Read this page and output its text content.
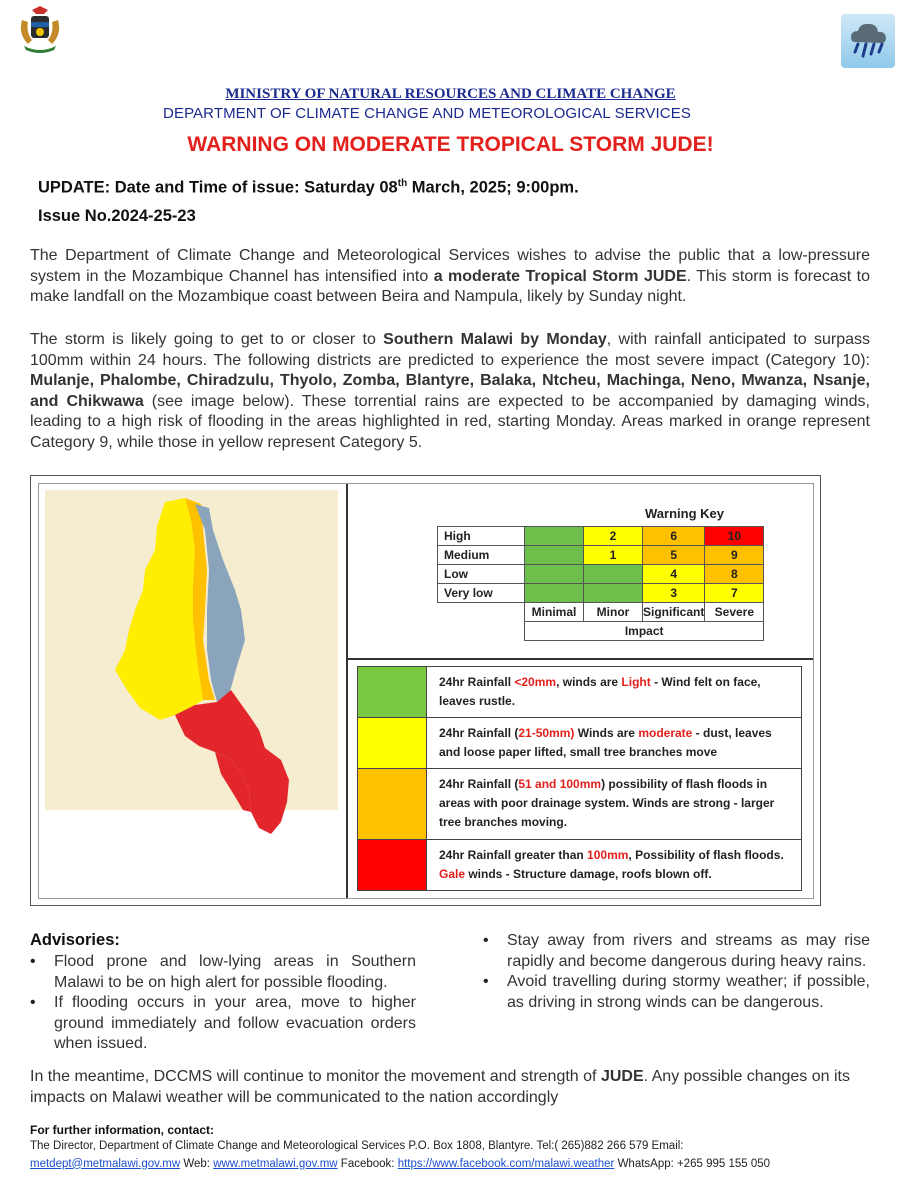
MINISTRY OF NATURAL RESOURCES AND CLIMATE CHANGE
DEPARTMENT OF CLIMATE CHANGE AND METEOROLOGICAL SERVICES
WARNING ON MODERATE TROPICAL STORM JUDE!
UPDATE: Date and Time of issue: Saturday 08th March, 2025; 9:00pm.
Issue No.2024-25-23
The Department of Climate Change and Meteorological Services wishes to advise the public that a low-pressure system in the Mozambique Channel has intensified into a moderate Tropical Storm JUDE. This storm is forecast to make landfall on the Mozambique coast between Beira and Nampula, likely by Sunday night.
The storm is likely going to get to or closer to Southern Malawi by Monday, with rainfall anticipated to surpass 100mm within 24 hours. The following districts are predicted to experience the most severe impact (Category 10): Mulanje, Phalombe, Chiradzulu, Thyolo, Zomba, Blantyre, Balaka, Ntcheu, Machinga, Neno, Mwanza, Nsanje, and Chikwawa (see image below). These torrential rains are expected to be accompanied by damaging winds, leading to a high risk of flooding in the areas highlighted in red, starting Monday. Areas marked in orange represent Category 9, while those in yellow represent Category 5.
Warning Key
	High		2	6	10
	Medium		1	5	9
	Low			4	8
	Very low			3	7
		Minimal	Minor	Significant	Severe
		Impact			
24hr Rainfall <20mm, winds are Light - Wind felt on face, leaves rustle.
24hr Rainfall (21-50mm) Winds are moderate - dust, leaves and loose paper lifted, small tree branches move
24hr Rainfall (51 and 100mm) possibility of flash floods in areas with poor drainage system. Winds are strong - larger tree branches moving.
24hr Rainfall greater than 100mm, Possibility of flash floods. Gale winds - Structure damage, roofs blown off.
Advisories:
• Flood prone and low-lying areas in Southern Malawi to be on high alert for possible flooding.
• If flooding occurs in your area, move to higher ground immediately and follow evacuation orders when issued.
• Stay away from rivers and streams as may rise rapidly and become dangerous during heavy rains.
• Avoid travelling during stormy weather; if possible, as driving in strong winds can be dangerous.
In the meantime, DCCMS will continue to monitor the movement and strength of JUDE. Any possible changes on its impacts on Malawi weather will be communicated to the nation accordingly
For further information, contact:
The Director, Department of Climate Change and Meteorological Services P.O. Box 1808, Blantyre. Tel:( 265)882 266 579 Email:
metdept@metmalawi.gov.mw Web: www.metmalawi.gov.mw Facebook: https://www.facebook.com/malawi.weather WhatsApp: +265 995 155 050
